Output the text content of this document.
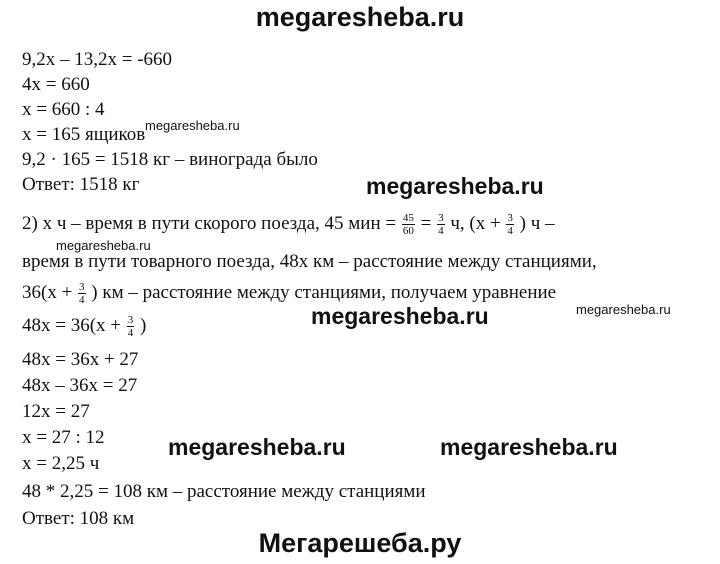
megaresheba.ru
9,2x – 13,2x = -660
4x = 660
x = 660 : 4
x = 165 ящиков
9,2 · 165 = 1518 кг – винограда было
Ответ: 1518 кг
2) x ч – время в пути скорого поезда, 45 мин = $\frac{45}{60} = \frac{3}{4} ч$, ($x + \frac{3}{4}$ ) ч –
время в пути товарного поезда, 48x км – расстояние между станциями,
$36(x + \frac{3}{4}$ ) км – расстояние между станциями, получаем уравнение
$48x = 36(x + \frac{3}{4}$ )
48x = 36x + 27
48x – 36x = 27
12x = 27
x = 27 : 12
x = 2,25 ч
48 * 2,25 = 108 км – расстояние между станциями
Ответ: 108 км
megaresheba.ru
megaresheba.ru
megaresheba.ru
megaresheba.ru
megaresheba.ru
megaresheba.ru	megaresheba.ru
Мегарешеба.ру
